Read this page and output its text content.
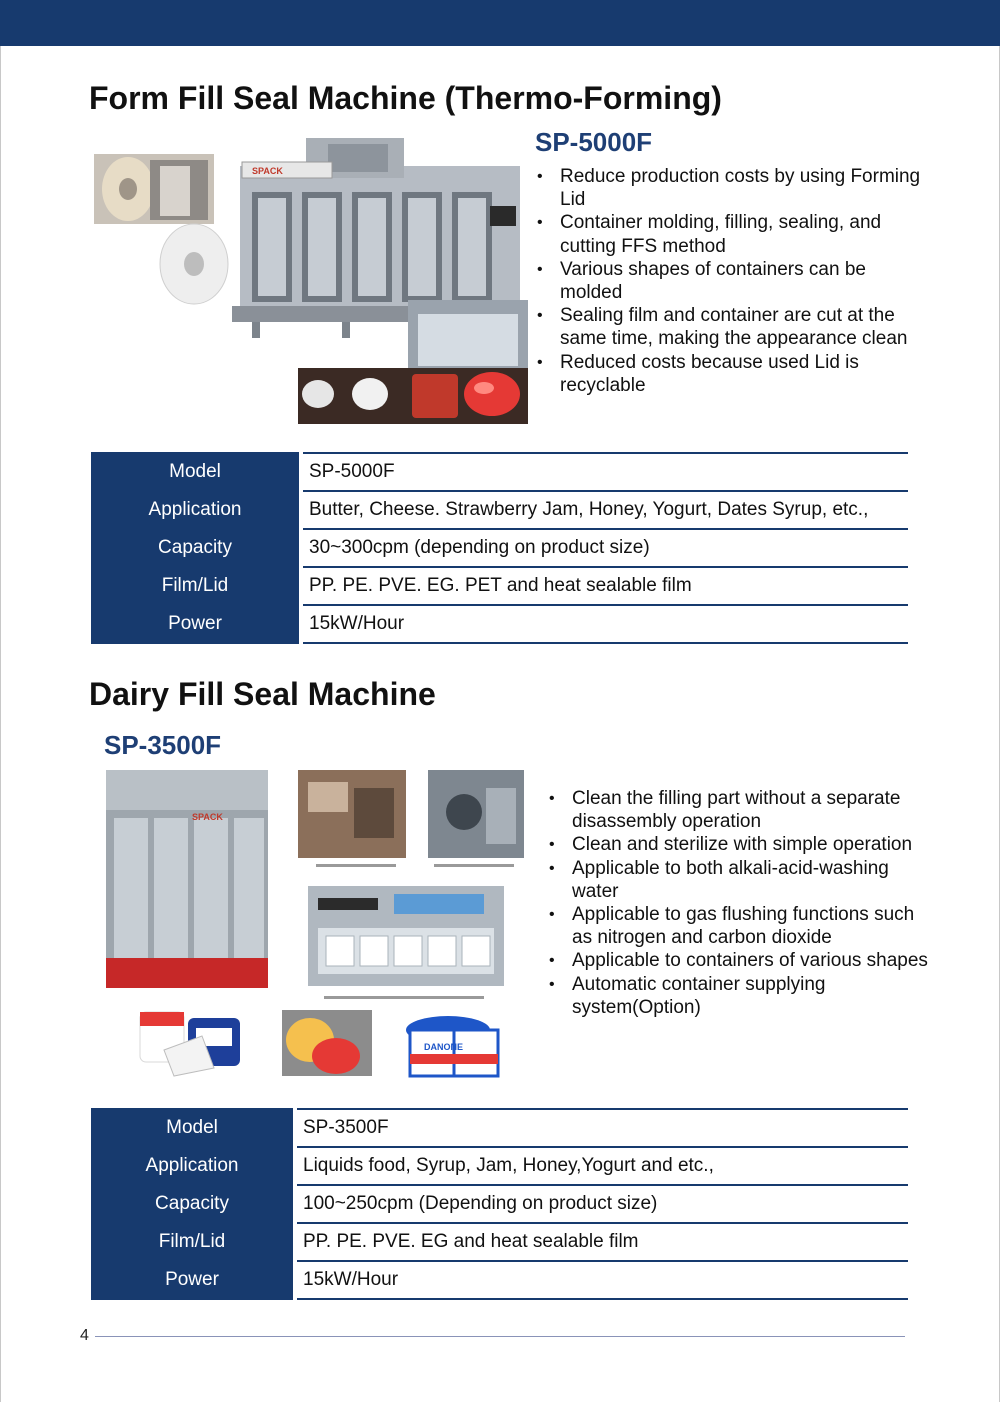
Form Fill Seal Machine (Thermo-Forming)
SPACK
SP-5000F
• Reduce production costs by using Forming Lid
• Container molding, filling, sealing, and cutting FFS method
• Various shapes of containers can be molded
• Sealing film and container are cut at the same time, making the appearance clean
• Reduced costs because used Lid is recyclable
Model	SP-5000F
Application	Butter, Cheese. Strawberry Jam, Honey, Yogurt, Dates Syrup, etc.,
Capacity	30~300cpm (depending on product size)
Film/Lid	PP. PE. PVE. EG. PET and heat sealable film
Power	15kW/Hour
Dairy Fill Seal Machine
SP-3500F
SPACK
DANONE
• Clean the filling part without a separate disassembly operation
• Clean and sterilize with simple operation
• Applicable to both alkali-acid-washing water
• Applicable to gas flushing functions such as nitrogen and carbon dioxide
• Applicable to containers of various shapes
• Automatic container supplying system(Option)
Model	SP-3500F
Application	Liquids food, Syrup, Jam, Honey,Yogurt and etc.,
Capacity	100~250cpm (Depending on product size)
Film/Lid	PP. PE. PVE. EG and heat sealable film
Power	15kW/Hour
4
